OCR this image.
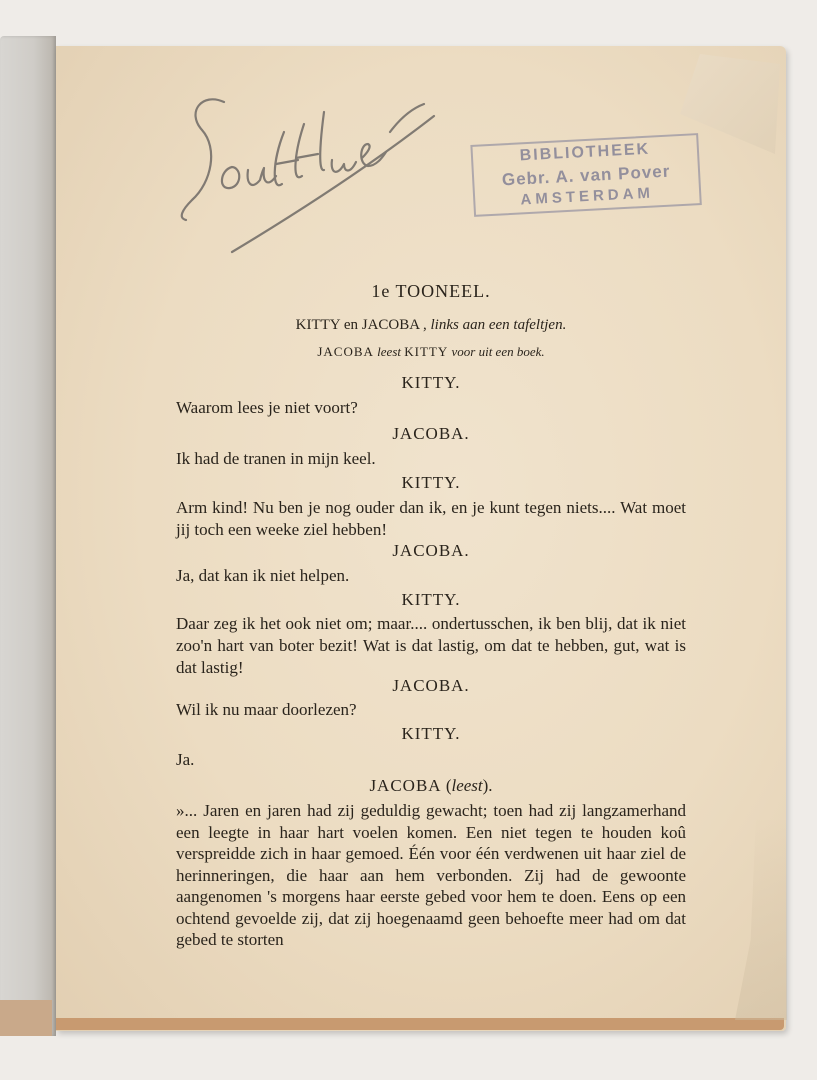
BIBLIOTHEEK
Gebr. A. van Pover
AMSTERDAM
1e TOONEEL.
KITTY en JACOBA , links aan een tafeltjen.
JACOBA leest KITTY voor uit een boek.
KITTY.
Waarom lees je niet voort?
JACOBA.
Ik had de tranen in mijn keel.
KITTY.
Arm kind! Nu ben je nog ouder dan ik, en je kunt tegen niets.... Wat moet jij toch een weeke ziel hebben!
JACOBA.
Ja, dat kan ik niet helpen.
KITTY.
Daar zeg ik het ook niet om; maar.... ondertusschen, ik ben blij, dat ik niet zoo'n hart van boter bezit! Wat is dat lastig, om dat te hebben, gut, wat is dat lastig!
JACOBA.
Wil ik nu maar doorlezen?
KITTY.
Ja.
JACOBA (leest).
»... Jaren en jaren had zij geduldig gewacht; toen had zij langzamerhand een leegte in haar hart voelen komen. Een niet tegen te houden koû verspreidde zich in haar gemoed. Één voor één verdwenen uit haar ziel de herinneringen, die haar aan hem verbonden. Zij had de gewoonte aangenomen 's morgens haar eerste gebed voor hem te doen. Eens op een ochtend gevoelde zij, dat zij hoegenaamd geen behoefte meer had om dat gebed te storten
